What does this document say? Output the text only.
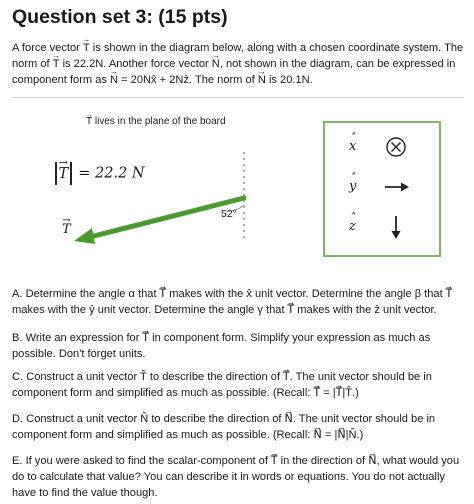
Question set 3: (15 pts)
A force vector → T is shown in the diagram below, along with a chosen coordinate system. The norm of → T is 22.2N. Another force vector → N, not shown in the diagram, can be expressed in component form as → N = 20Nx̂ + 2Nẑ. The norm of → N is 20.1N.
→ T lives in the plane of the board
→ T = 22.2 N
52°
→ T
ˆ x
ˆ y
ˆ z
A. Determine the angle α that T⃗ makes with the x̂ unit vector. Determine the angle β that T⃗ makes with the ŷ unit vector. Determine the angle γ that T⃗ makes with the ẑ unit vector.
B. Write an expression for T⃗ in component form. Simplify your expression as much as possible. Don't forget units.
C. Construct a unit vector T̂ to describe the direction of T⃗. The unit vector should be in component form and simplified as much as possible. (Recall: T⃗ = |T⃗|T̂.)
D. Construct a unit vector N̂ to describe the direction of N⃗. The unit vector should be in component form and simplified as much as possible. (Recall: N⃗ = |N⃗|N̂.)
E. If you were asked to find the scalar-component of T⃗ in the direction of N⃗, what would you do to calculate that value? You can describe it in words or equations. You do not actually have to find the value though.
